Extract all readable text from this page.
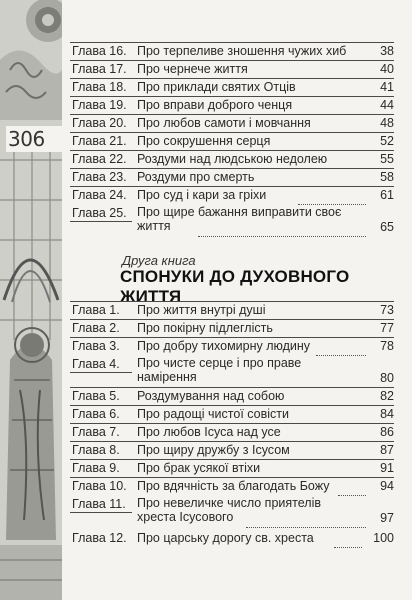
306
Глава 16. Про терпеливе зношення чужих хиб	38
Глава 17. Про чернече життя	40
Глава 18. Про приклади святих Отців	41
Глава 19. Про вправи доброго ченця	44
Глава 20. Про любов самоти і мовчання	48
Глава 21. Про сокрушення серця	52
Глава 22. Роздуми над людською недолею	55
Глава 23. Роздуми про смерть	58
Глава 24. Про суд і кари за гріхи	61
Глава 25. Про щире бажання виправити своє життя	65
Друга книга
СПОНУКИ ДО ДУХОВНОГО ЖИТТЯ
Глава 1. Про життя внутрі душі	73
Глава 2. Про покірну підлеглість	77
Глава 3. Про добру тихомирну людину	78
Глава 4. Про чисте серце і про праве намірення	80
Глава 5. Роздумування над собою	82
Глава 6. Про радощі чистої совісти	84
Глава 7. Про любов Ісуса над усе	86
Глава 8. Про щиру дружбу з Ісусом	87
Глава 9. Про брак усякої втіхи	91
Глава 10. Про вдячність за благодать Божу	94
Глава 11. Про невеличке число приятелів хреста Ісусового	97
Глава 12. Про царську дорогу св. хреста	100
